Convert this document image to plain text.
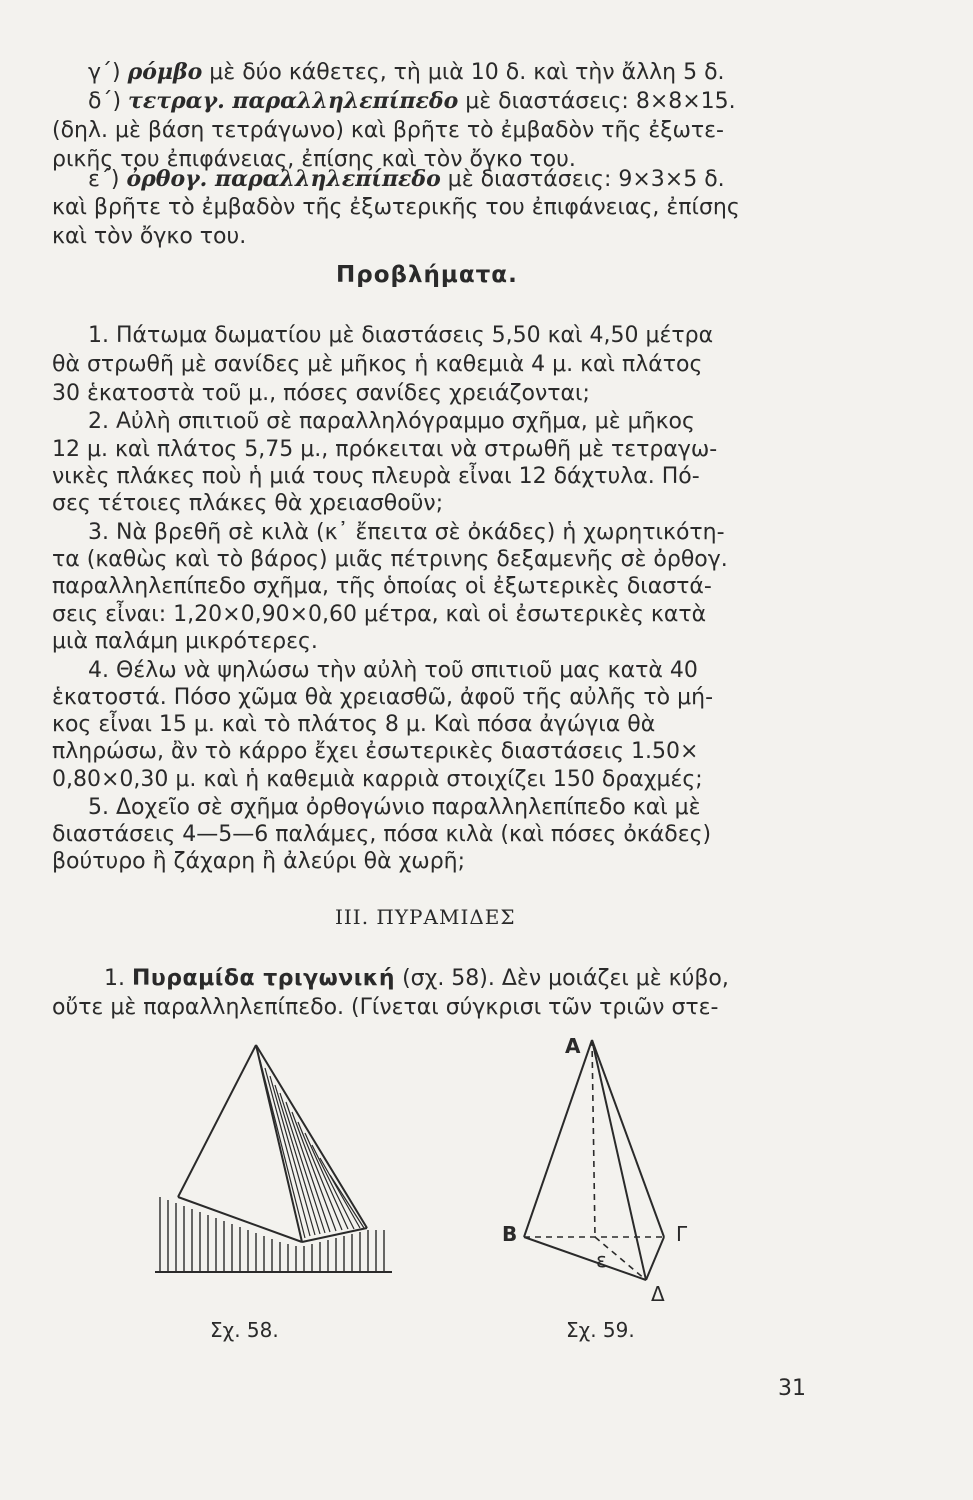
γ΄) ρόμβο μὲ δύο κάθετες, τὴ μιὰ 10 δ. καὶ τὴν ἄλλη 5 δ.
δ΄) τετραγ. παραλληλεπίπεδο μὲ διαστάσεις: 8×8×15.
(δηλ. μὲ βάση τετράγωνο) καὶ βρῆτε τὸ ἐμβαδὸν τῆς ἐξωτε-
ρικῆς του ἐπιφάνειας, ἐπίσης καὶ τὸν ὄγκο του.
ε΄) ὀρθογ. παραλληλεπίπεδο μὲ διαστάσεις: 9×3×5 δ.
καὶ βρῆτε τὸ ἐμβαδὸν τῆς ἐξωτερικῆς του ἐπιφάνειας, ἐπίσης
καὶ τὸν ὄγκο του.
Προβλήματα.
1. Πάτωμα δωματίου μὲ διαστάσεις 5,50 καὶ 4,50 μέτρα
θὰ στρωθῆ μὲ σανίδες μὲ μῆκος ἡ καθεμιὰ 4 μ. καὶ πλάτος
30 ἑκατοστὰ τοῦ μ., πόσες σανίδες χρειάζονται;
2. Αὐλὴ σπιτιοῦ σὲ παραλληλόγραμμο σχῆμα, μὲ μῆκος
12 μ. καὶ πλάτος 5,75 μ., πρόκειται νὰ στρωθῆ μὲ τετραγω-
νικὲς πλάκες ποὺ ἡ μιά τους πλευρὰ εἶναι 12 δάχτυλα. Πό-
σες τέτοιες πλάκες θὰ χρειασθοῦν;
3. Νὰ βρεθῆ σὲ κιλὰ (κ᾿ ἔπειτα σὲ ὀκάδες) ἡ χωρητικότη-
τα (καθὼς καὶ τὸ βάρος) μιᾶς πέτρινης δεξαμενῆς σὲ ὀρθογ.
παραλληλεπίπεδο σχῆμα, τῆς ὁποίας οἱ ἐξωτερικὲς διαστά-
σεις εἶναι: 1,20×0,90×0,60 μέτρα, καὶ οἱ ἐσωτερικὲς κατὰ
μιὰ παλάμη μικρότερες.
4. Θέλω νὰ ψηλώσω τὴν αὐλὴ τοῦ σπιτιοῦ μας κατὰ 40
ἑκατοστά. Πόσο χῶμα θὰ χρειασθῶ, ἀφοῦ τῆς αὐλῆς τὸ μή-
κος εἶναι 15 μ. καὶ τὸ πλάτος 8 μ. Καὶ πόσα ἀγώγια θὰ
πληρώσω, ἂν τὸ κάρρο ἔχει ἐσωτερικὲς διαστάσεις 1.50×
0,80×0,30 μ. καὶ ἡ καθεμιὰ καρριὰ στοιχίζει 150 δραχμές;
5. Δοχεῖο σὲ σχῆμα ὀρθογώνιο παραλληλεπίπεδο καὶ μὲ
διαστάσεις 4—5—6 παλάμες, πόσα κιλὰ (καὶ πόσες ὀκάδες)
βούτυρο ἢ ζάχαρη ἢ ἀλεύρι θὰ χωρῆ;
III. ΠΥΡΑΜΙΔΕΣ
1. Πυραμίδα τριγωνική (σχ. 58). Δὲν μοιάζει μὲ κύβο,
οὔτε μὲ παραλληλεπίπεδο. (Γίνεται σύγκρισι τῶν τριῶν στε-
A
B	Γ
Δ
ε
Σχ. 58.	Σχ. 59.
31
